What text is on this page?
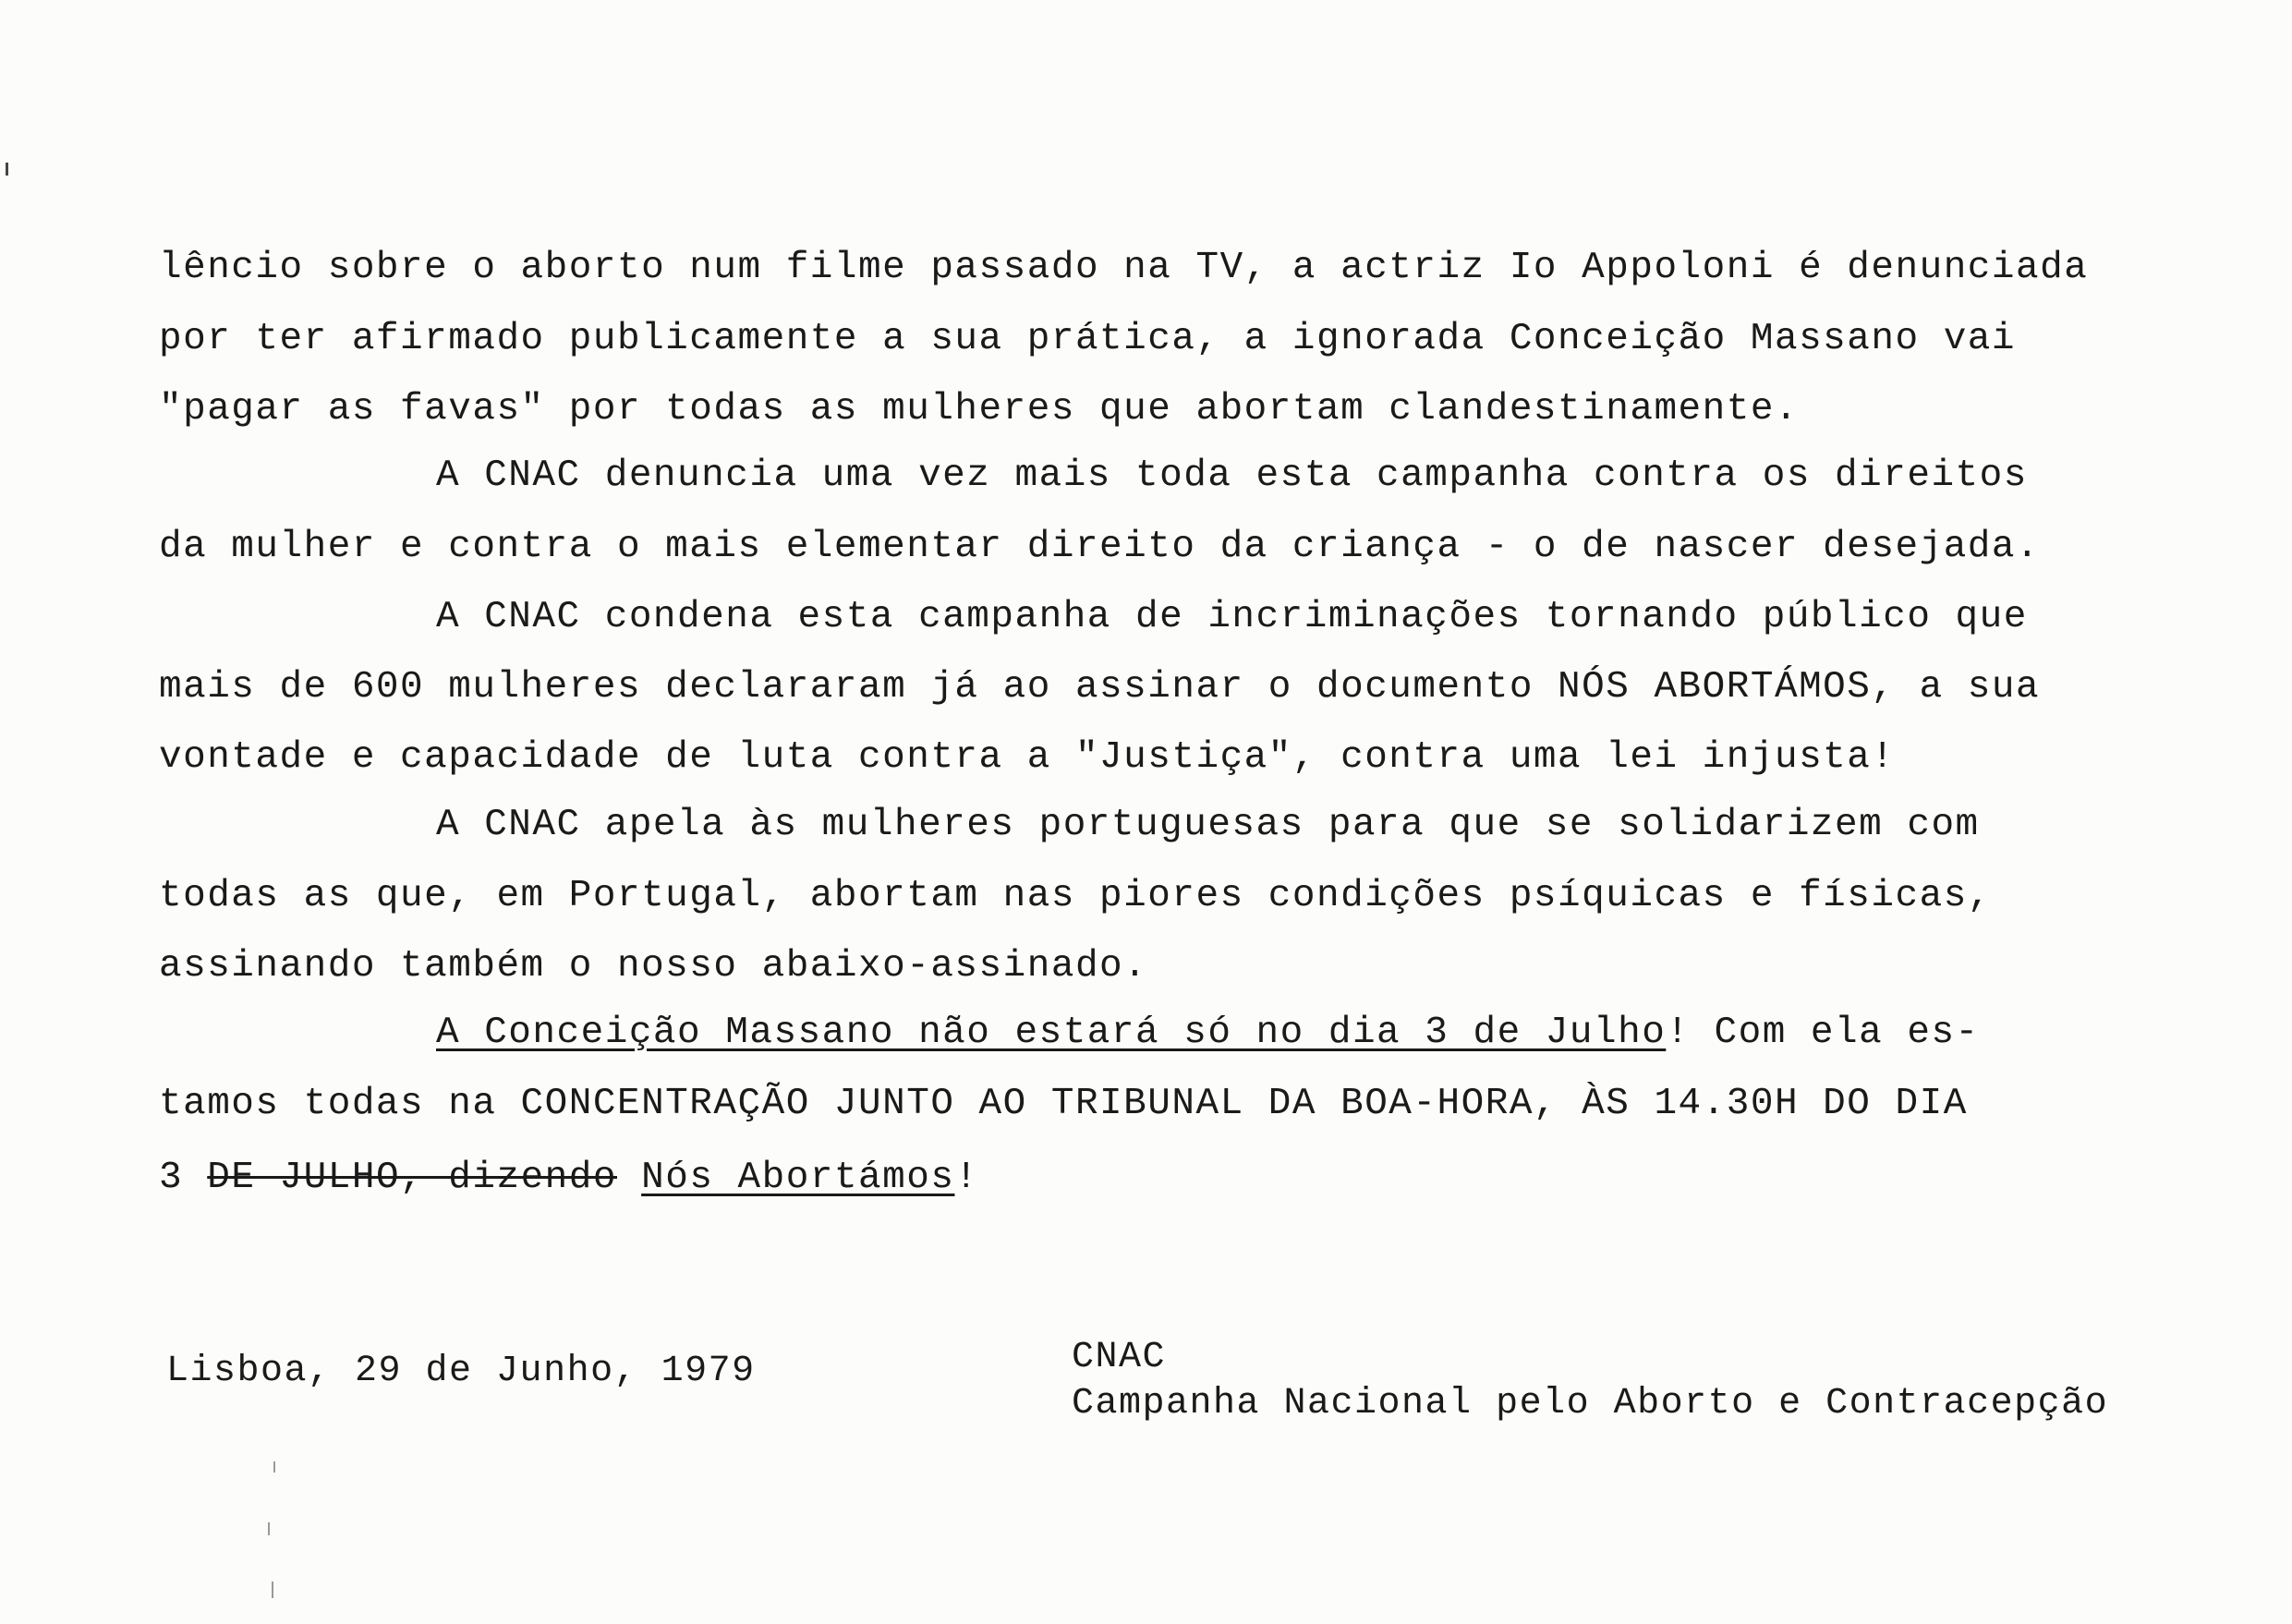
lêncio sobre o aborto num filme passado na TV, a actriz Io Appoloni é denunciada
por ter afirmado publicamente a sua prática, a ignorada Conceição Massano vai
"pagar as favas" por todas as mulheres que abortam clandestinamente.
A CNAC denuncia uma vez mais toda esta campanha contra os direitos
da mulher e contra o mais elementar direito da criança - o de nascer desejada.
A CNAC condena esta campanha de incriminações tornando público que
mais de 600 mulheres declararam já ao assinar o documento NÓS ABORTÁMOS, a sua
vontade e capacidade de luta contra a "Justiça", contra uma lei injusta!
A CNAC apela às mulheres portuguesas para que se solidarizem com
todas as que, em Portugal, abortam nas piores condições psíquicas e físicas,
assinando também o nosso abaixo-assinado.
A Conceição Massano não estará só no dia 3 de Julho! Com ela es-
tamos todas na CONCENTRAÇÃO JUNTO AO TRIBUNAL DA BOA-HORA, ÀS 14.30H DO DIA
3 DE JULHO, dizendo Nós Abortámos!
Lisboa, 29 de Junho, 1979	CNAC
Campanha Nacional pelo Aborto e Contracepção
